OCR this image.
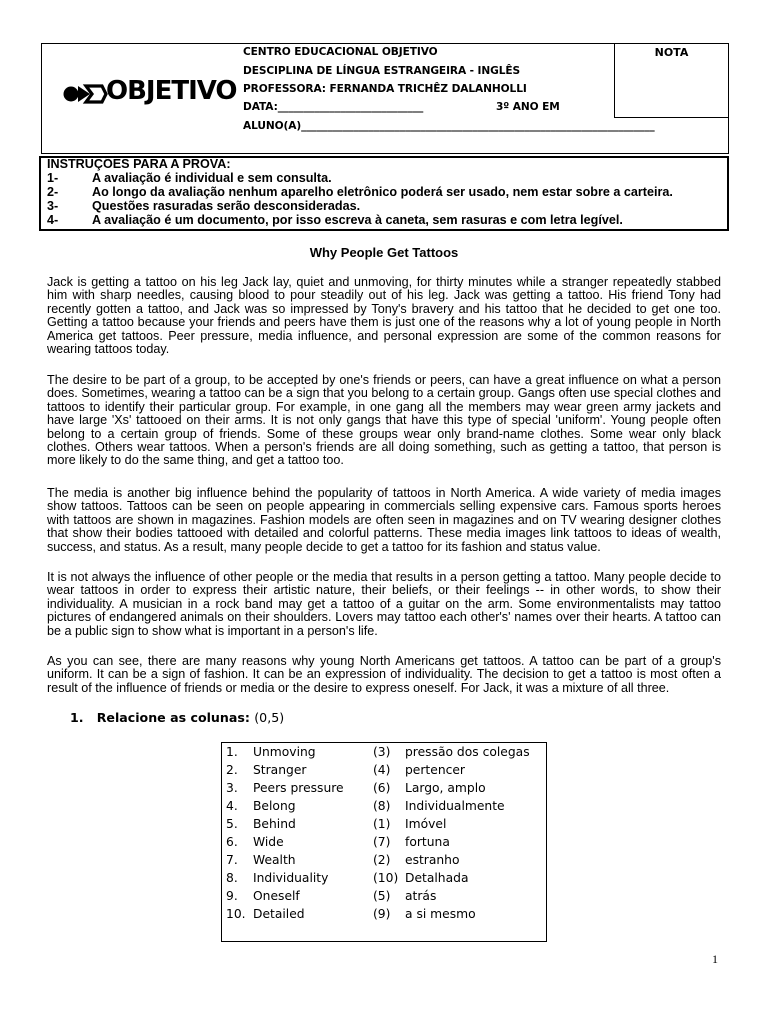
NOTA
OBJETIVO
CENTRO EDUCACIONAL OBJETIVO
DESCIPLINA DE LÍNGUA ESTRANGEIRA - INGLÊS
PROFESSORA: FERNANDA TRICHÊZ DALANHOLLI
DATA:____________________________	3º ANO EM
ALUNO(A)____________________________________________________________________
INSTRUÇÕES PARA A PROVA:
1-	A avaliação é individual e sem consulta.
2-	Ao longo da avaliação nenhum aparelho eletrônico poderá ser usado, nem estar sobre a carteira.
3-	Questões rasuradas serão desconsideradas.
4-	A avaliação é um documento, por isso escreva à caneta, sem rasuras e com letra legível.
Why People Get Tattoos

Jack is getting a tattoo on his leg Jack lay, quiet and unmoving, for thirty minutes while a stranger repeatedly stabbed him with sharp needles, causing blood to pour steadily out of his leg. Jack was getting a tattoo. His friend Tony had recently gotten a tattoo, and Jack was so impressed by Tony's bravery and his tattoo that he decided to get one too. Getting a tattoo because your friends and peers have them is just one of the reasons why a lot of young people in North America get tattoos. Peer pressure, media influence, and personal expression are some of the common reasons for wearing tattoos today.

The desire to be part of a group, to be accepted by one's friends or peers, can have a great influence on what a person does. Sometimes, wearing a tattoo can be a sign that you belong to a certain group. Gangs often use special clothes and tattoos to identify their particular group. For example, in one gang all the members may wear green army jackets and have large 'Xs' tattooed on their arms. It is not only gangs that have this type of special 'uniform'. Young people often belong to a certain group of friends. Some of these groups wear only brand-name clothes. Some wear only black clothes. Others wear tattoos. When a person's friends are all doing something, such as getting a tattoo, that person is more likely to do the same thing, and get a tattoo too.

The media is another big influence behind the popularity of tattoos in North America. A wide variety of media images show tattoos. Tattoos can be seen on people appearing in commercials selling expensive cars. Famous sports heroes with tattoos are shown in magazines. Fashion models are often seen in magazines and on TV wearing designer clothes that show their bodies tattooed with detailed and colorful patterns. These media images link tattoos to ideas of wealth, success, and status. As a result, many people decide to get a tattoo for its fashion and status value.

It is not always the influence of other people or the media that results in a person getting a tattoo. Many people decide to wear tattoos in order to express their artistic nature, their beliefs, or their feelings -- in other words, to show their individuality. A musician in a rock band may get a tattoo of a guitar on the arm. Some environmentalists may tattoo pictures of endangered animals on their shoulders. Lovers may tattoo each other's' names over their hearts. A tattoo can be a public sign to show what is important in a person's life.

As you can see, there are many reasons why young North Americans get tattoos. A tattoo can be part of a group's uniform. It can be a sign of fashion. It can be an expression of individuality. The decision to get a tattoo is most often a result of the influence of friends or media or the desire to express oneself. For Jack, it was a mixture of all three.

1. Relacione as colunas: (0,5)
1. Unmoving	(3) pressão dos colegas
2. Stranger	(4) pertencer
3. Peers pressure (6) Largo, amplo
4. Belong	(8) Individualmente
5. Behind	(1) Imóvel
6. Wide	(7) fortuna
7. Wealth	(2) estranho
8. Individuality	(10) Detalhada
9. Oneself	(5) atrás
10. Detailed	(9) a si mesmo
1
